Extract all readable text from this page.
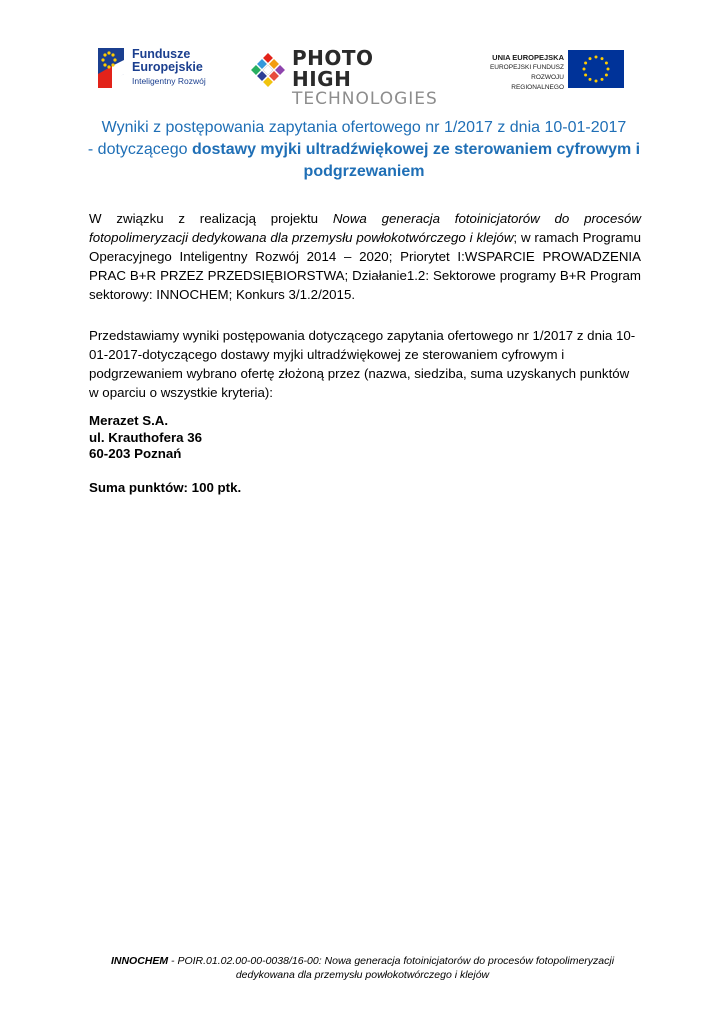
Fundusze
Europejskie
Inteligentny Rozwój
PHOTO HIGH
TECHNOLOGIES
UNIA EUROPEJSKA
EUROPEJSKI FUNDUSZ
ROZWOJU REGIONALNEGO
Wyniki z postępowania zapytania ofertowego nr 1/2017 z dnia 10-01-2017
- dotyczącego dostawy myjki ultradźwiękowej ze sterowaniem cyfrowym i podgrzewaniem

W związku z realizacją projektu Nowa generacja fotoinicjatorów do procesów fotopolimeryzacji dedykowana dla przemysłu powłokotwórczego i klejów; w ramach Programu Operacyjnego Inteligentny Rozwój 2014 – 2020; Priorytet I:WSPARCIE PROWADZENIA PRAC B+R PRZEZ PRZEDSIĘBIORSTWA; Działanie1.2: Sektorowe programy B+R Program sektorowy: INNOCHEM; Konkurs 3/1.2/2015.

Przedstawiamy wyniki postępowania dotyczącego zapytania ofertowego nr 1/2017 z dnia 10-01-2017-dotyczącego dostawy myjki ultradźwiękowej ze sterowaniem cyfrowym i podgrzewaniem wybrano ofertę złożoną przez (nazwa, siedziba, suma uzyskanych punktów w oparciu o wszystkie kryteria):

Merazet S.A.
ul. Krauthofera 36
60-203 Poznań
Suma punktów: 100 ptk.
INNOCHEM - POIR.01.02.00-00-0038/16-00: Nowa generacja fotoinicjatorów do procesów fotopolimeryzacji
dedykowana dla przemysłu powłokotwórczego i klejów
